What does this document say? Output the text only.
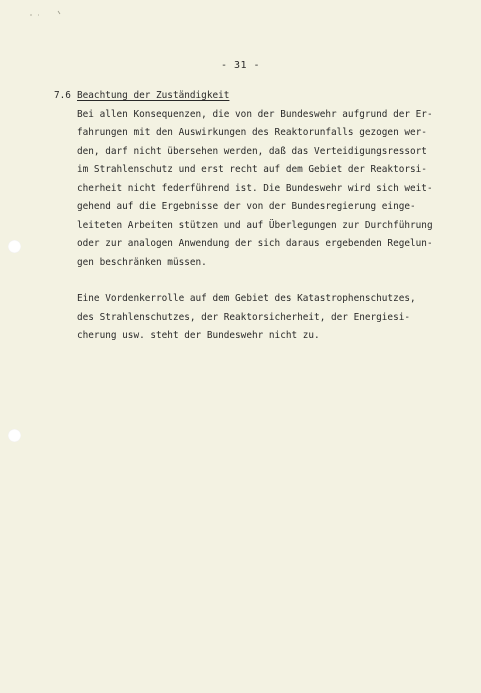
- 31 -
7.6 Beachtung der Zuständigkeit
Bei allen Konsequenzen, die von der Bundeswehr aufgrund der Er-
fahrungen mit den Auswirkungen des Reaktorunfalls gezogen wer-
den, darf nicht übersehen werden, daß das Verteidigungsressort
im Strahlenschutz und erst recht auf dem Gebiet der Reaktorsi-
cherheit nicht federführend ist. Die Bundeswehr wird sich weit-
gehend auf die Ergebnisse der von der Bundesregierung einge-
leiteten Arbeiten stützen und auf Überlegungen zur Durchführung
oder zur analogen Anwendung der sich daraus ergebenden Regelun-
gen beschränken müssen.
Eine Vordenkerrolle auf dem Gebiet des Katastrophenschutzes,
des Strahlenschutzes, der Reaktorsicherheit, der Energiesi-
cherung usw. steht der Bundeswehr nicht zu.
